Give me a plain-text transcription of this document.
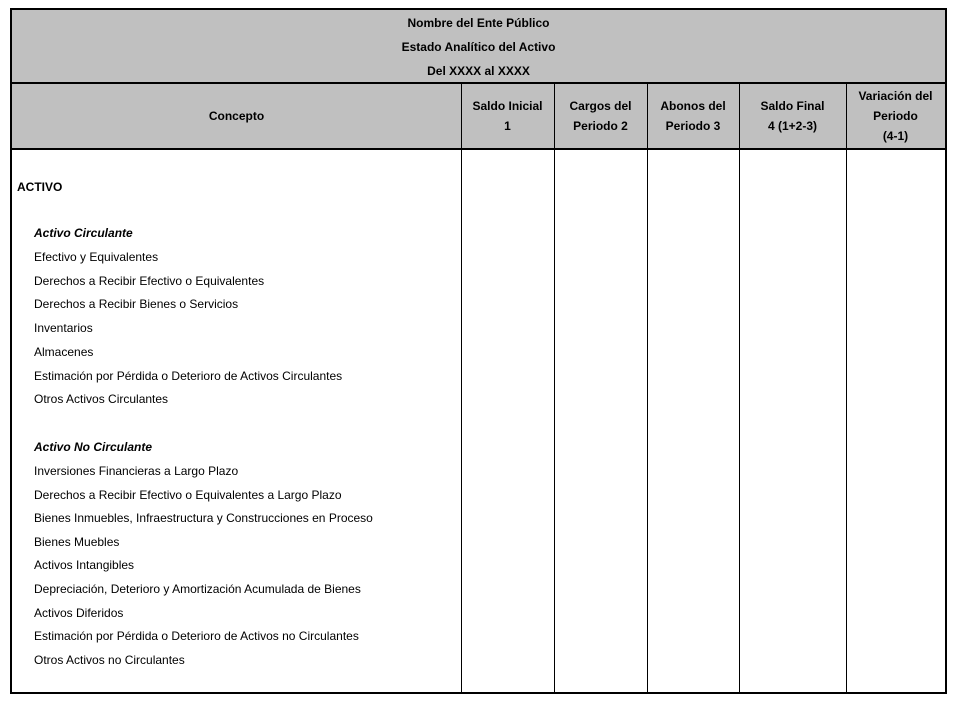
Nombre del Ente Público
Estado Analítico del Activo
Del XXXX al XXXX
Concepto
Saldo Inicial
1
Cargos del
Periodo 2
Abonos del
Periodo 3
Saldo Final
4 (1+2-3)
Variación del
Periodo
(4-1)
ACTIVO
Activo Circulante
Efectivo y Equivalentes
Derechos a Recibir Efectivo o Equivalentes
Derechos a Recibir Bienes o Servicios
Inventarios
Almacenes
Estimación por Pérdida o Deterioro de Activos Circulantes
Otros Activos Circulantes
Activo No Circulante
Inversiones Financieras a Largo Plazo
Derechos a Recibir Efectivo o Equivalentes a Largo Plazo
Bienes Inmuebles, Infraestructura y Construcciones en Proceso
Bienes Muebles
Activos Intangibles
Depreciación, Deterioro y Amortización Acumulada de Bienes
Activos Diferidos
Estimación por Pérdida o Deterioro de Activos no Circulantes
Otros Activos no Circulantes
